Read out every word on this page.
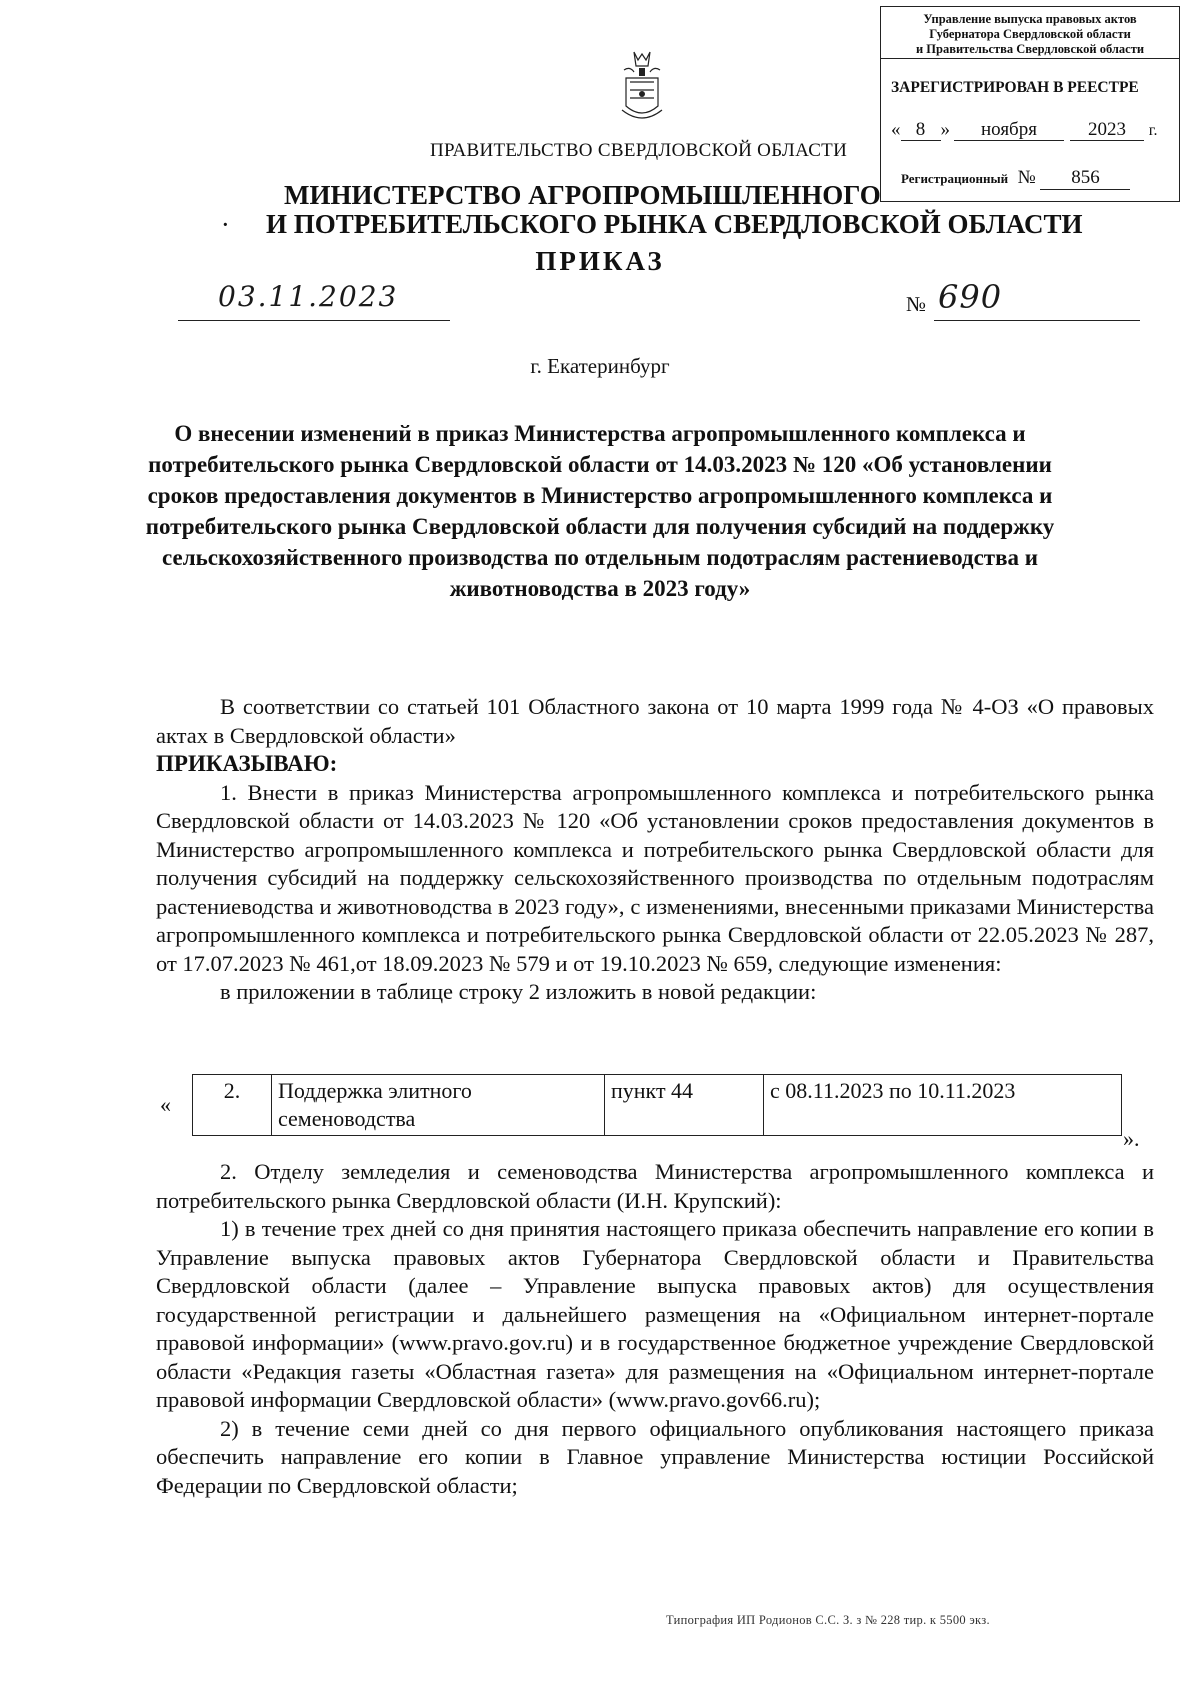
Управление выпуска правовых актов
Губернатора Свердловской области
и Правительства Свердловской области
ЗАРЕГИСТРИРОВАН В РЕЕСТРЕ
« 8 » ноября	2023 г.
Регистрационный № 856
ПРАВИТЕЛЬСТВО СВЕРДЛОВСКОЙ ОБЛАСТИ
МИНИСТЕРСТВО АГРОПРОМЫШЛЕННОГО
· И ПОТРЕБИТЕЛЬСКОГО РЫНКА СВЕРДЛОВСКОЙ ОБЛАСТИ
ПРИКАЗ
03.11.2023	№ 690
г. Екатеринбург
О внесении изменений в приказ Министерства агропромышленного комплекса и потребительского рынка Свердловской области от 14.03.2023 № 120 «Об установлении сроков предоставления документов в Министерство агропромышленного комплекса и потребительского рынка Свердловской области для получения субсидий на поддержку сельскохозяйственного производства по отдельным подотраслям растениеводства и животноводства в 2023 году»

В соответствии со статьей 101 Областного закона от 10 марта 1999 года № 4-ОЗ «О правовых актах в Свердловской области»

ПРИКАЗЫВАЮ:

1. Внести в приказ Министерства агропромышленного комплекса и потребительского рынка Свердловской области от 14.03.2023 № 120 «Об установлении сроков предоставления документов в Министерство агропромышленного комплекса и потребительского рынка Свердловской области для получения субсидий на поддержку сельскохозяйственного производства по отдельным подотраслям растениеводства и животноводства в 2023 году», с изменениями, внесенными приказами Министерства агропромышленного комплекса и потребительского рынка Свердловской области от 22.05.2023 № 287, от 17.07.2023 № 461,от 18.09.2023 № 579 и от 19.10.2023 № 659, следующие изменения:

в приложении в таблице строку 2 изложить в новой редакции:

«
2.	Поддержка элитного семеноводства	пункт 44	с 08.11.2023 по 10.11.2023
».

2. Отделу земледелия и семеноводства Министерства агропромышленного комплекса и потребительского рынка Свердловской области (И.Н. Крупский):

1) в течение трех дней со дня принятия настоящего приказа обеспечить направление его копии в Управление выпуска правовых актов Губернатора Свердловской области и Правительства Свердловской области (далее – Управление выпуска правовых актов) для осуществления государственной регистрации и дальнейшего размещения на «Официальном интернет-портале правовой информации» (www.pravo.gov.ru) и в государственное бюджетное учреждение Свердловской области «Редакция газеты «Областная газета» для размещения на «Официальном интернет-портале правовой информации Свердловской области» (www.pravo.gov66.ru);

2) в течение семи дней со дня первого официального опубликования настоящего приказа обеспечить направление его копии в Главное управление Министерства юстиции Российской Федерации по Свердловской области;

Типография ИП Родионов С.С. З. з № 228 тир. к 5500 экз.
